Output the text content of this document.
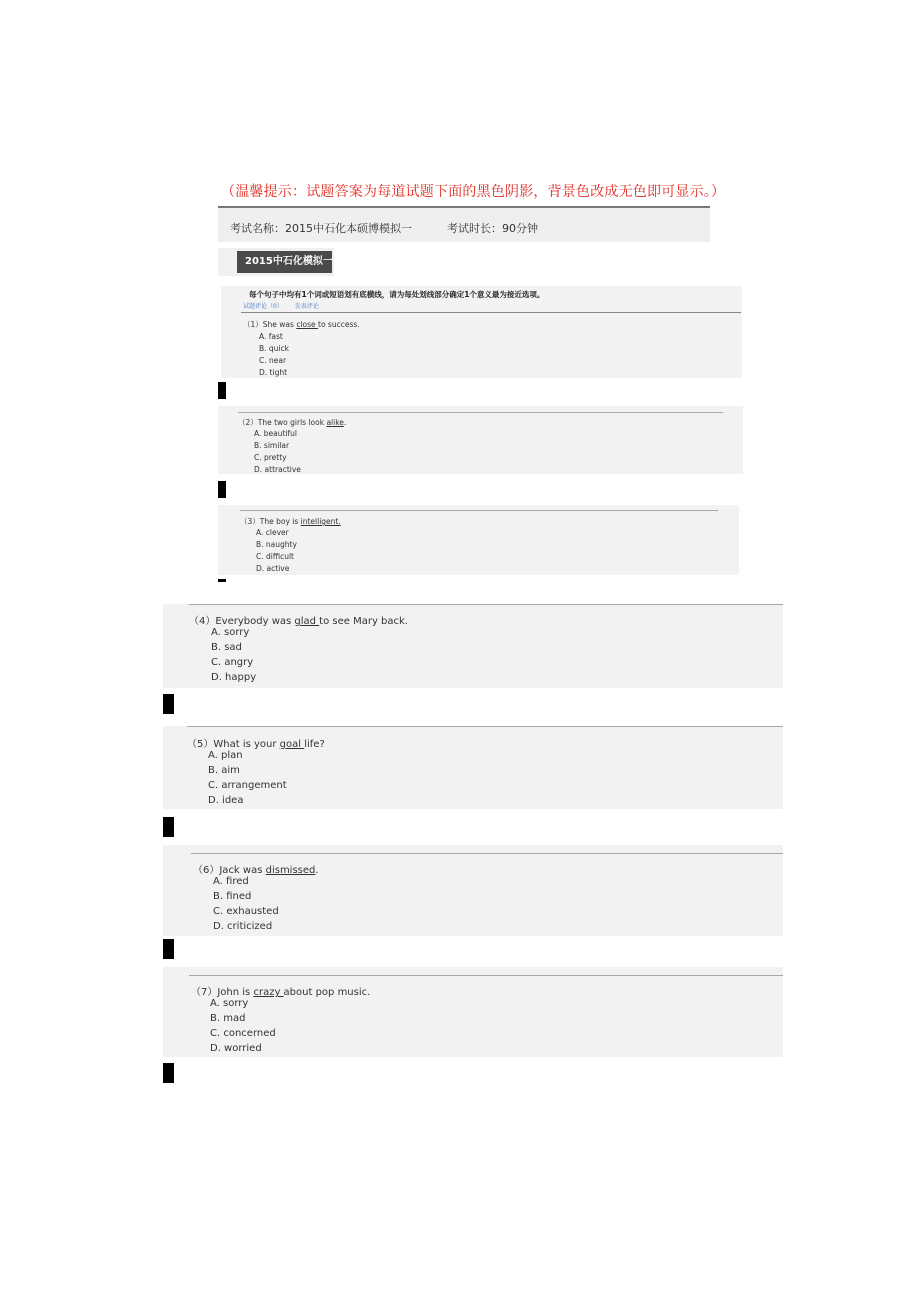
（温馨提示：试题答案为每道试题下面的黑色阴影，背景色改成无色即可显示。）
考试名称：2015中石化本硕博模拟一	考试时长：90分钟
2015中石化模拟一
每个句子中均有1个词或短语划有底横线，请为每处划线部分确定1个意义最为接近选项。
试题评论（0） 发表评论
（1）She was close to success.
A. fast
B. quick
C. near
D. tight
（2）The two girls look alike.
A. beautiful
B. similar
C. pretty
D. attractive
（3）The boy is intelligent.
A. clever
B. naughty
C. difficult
D. active
（4）Everybody was glad to see Mary back.
A. sorry
B. sad
C. angry
D. happy
（5）What is your goal life?
A. plan
B. aim
C. arrangement
D. idea
（6）Jack was dismissed.
A. fired
B. fined
C. exhausted
D. criticized
（7）John is crazy about pop music.
A. sorry
B. mad
C. concerned
D. worried
